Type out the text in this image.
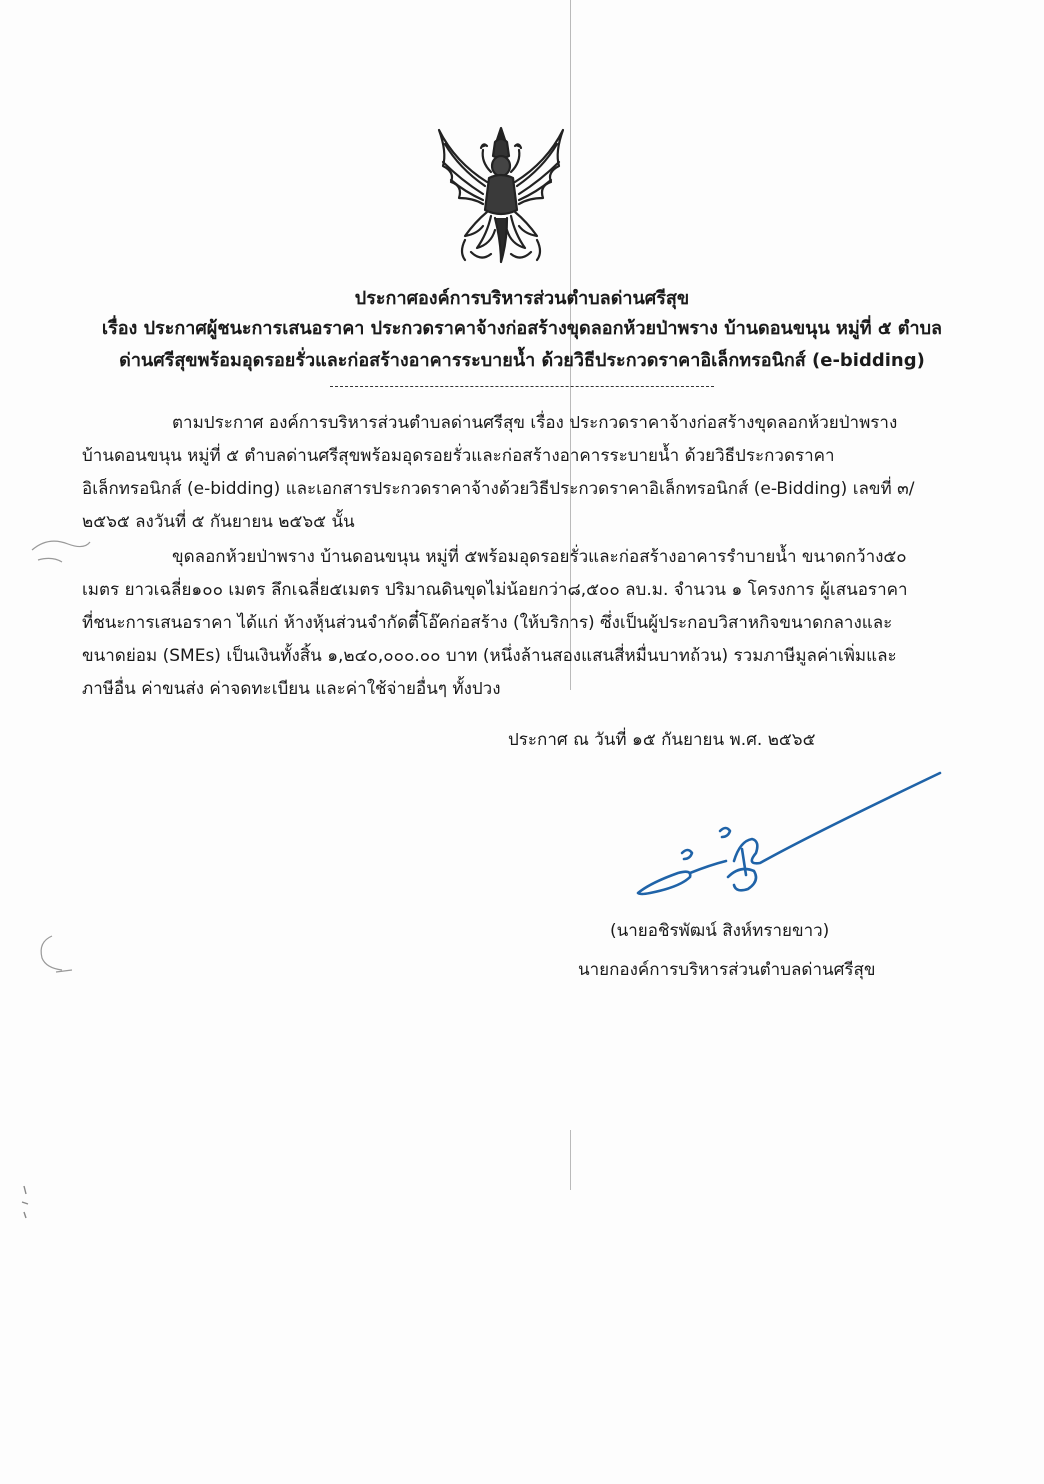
ประกาศองค์การบริหารส่วนตำบลด่านศรีสุข

เรื่อง ประกาศผู้ชนะการเสนอราคา ประกวดราคาจ้างก่อสร้างขุดลอกห้วยป่าพราง บ้านดอนขนุน หมู่ที่ ๕ ตำบล

ด่านศรีสุขพร้อมอุดรอยรั่วและก่อสร้างอาคารระบายน้ำ ด้วยวิธีประกวดราคาอิเล็กทรอนิกส์ (e-bidding)

ตามประกาศ องค์การบริหารส่วนตำบลด่านศรีสุข เรื่อง ประกวดราคาจ้างก่อสร้างขุดลอกห้วยป่าพราง

บ้านดอนขนุน หมู่ที่ ๕ ตำบลด่านศรีสุขพร้อมอุดรอยรั่วและก่อสร้างอาคารระบายน้ำ ด้วยวิธีประกวดราคา

อิเล็กทรอนิกส์ (e-bidding) และเอกสารประกวดราคาจ้างด้วยวิธีประกวดราคาอิเล็กทรอนิกส์ (e-Bidding) เลขที่ ๓/

๒๕๖๕ ลงวันที่ ๕ กันยายน ๒๕๖๕ นั้น

ขุดลอกห้วยป่าพราง บ้านดอนขนุน หมู่ที่ ๕พร้อมอุดรอยรั่วและก่อสร้างอาคารรำบายน้ำ ขนาดกว้าง๕๐

เมตร ยาวเฉลี่ย๑๐๐ เมตร ลึกเฉลี่ย๕เมตร ปริมาณดินขุดไม่น้อยกว่า๘,๕๐๐ ลบ.ม. จำนวน ๑ โครงการ ผู้เสนอราคา

ที่ชนะการเสนอราคา ได้แก่ ห้างหุ้นส่วนจำกัดตี๋โอ๊คก่อสร้าง (ให้บริการ) ซึ่งเป็นผู้ประกอบวิสาหกิจขนาดกลางและ

ขนาดย่อม (SMEs) เป็นเงินทั้งสิ้น ๑,๒๔๐,๐๐๐.๐๐ บาท (หนึ่งล้านสองแสนสี่หมื่นบาทถ้วน) รวมภาษีมูลค่าเพิ่มและ

ภาษีอื่น ค่าขนส่ง ค่าจดทะเบียน และค่าใช้จ่ายอื่นๆ ทั้งปวง

ประกาศ ณ วันที่ ๑๕ กันยายน พ.ศ. ๒๕๖๕

(นายอชิรพัฒน์ สิงห์ทรายขาว)

นายกองค์การบริหารส่วนตำบลด่านศรีสุข
